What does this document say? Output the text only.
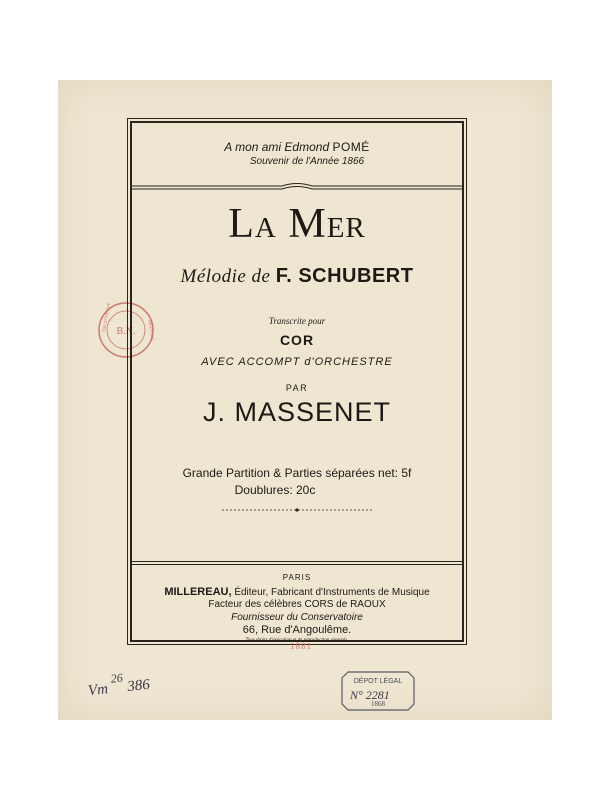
B.N.
BIBLIOTHÈQUE	IMPÉRIALE
A mon ami Edmond POMÉ
Souvenir de l'Année 1866
La Mer
Mélodie de F. SCHUBERT
Transcrite pour
COR
AVEC ACCOMPT d'ORCHESTRE
PAR
J. MASSENET
Grande Partition & Parties séparées net: 5f
Doublures: 20c
PARIS
MILLEREAU, Éditeur, Fabricant d'Instruments de Musique
Facteur des célèbres CORS de RAOUX
Fournisseur du Conservatoire
66, Rue d'Angoulême.
Tous droits d'exécution et de reproduction réservés.
1881
Vm $^{26}$ 386	DÉPOT LÉGAL
N° 2281
1868
